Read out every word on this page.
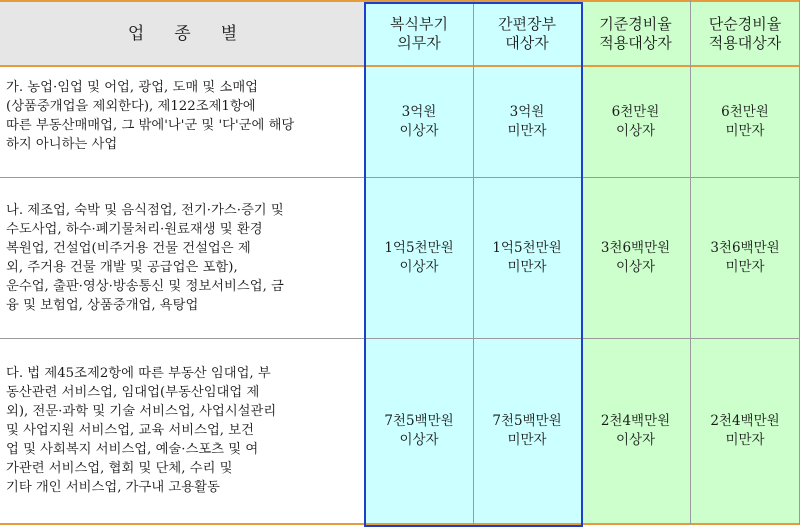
업종별	복식부기
의무자
간편장부
대상자
기준경비율
적용대상자
단순경비율
적용대상자
가. 농업·임업 및 어업, 광업, 도매 및 소매업
(상품중개업을 제외한다), 제122조제1항에
따른 부동산매매업, 그 밖에'나'군 및 '다'군에 해당
하지 아니하는 사업
3억원
이상자
3억원
미만자
6천만원
이상자
6천만원
미만자
나. 제조업, 숙박 및 음식점업, 전기·가스·증기 및
수도사업, 하수·폐기물처리·원료재생 및 환경
복원업, 건설업(비주거용 건물 건설업은 제
외, 주거용 건물 개발 및 공급업은 포함),
운수업, 출판·영상·방송통신 및 정보서비스업, 금
융 및 보험업, 상품중개업, 욕탕업
1억5천만원
이상자
1억5천만원
미만자
3천6백만원
이상자
3천6백만원
미만자
다. 법 제45조제2항에 따른 부동산 임대업, 부
동산관련 서비스업, 임대업(부동산임대업 제
외), 전문·과학 및 기술 서비스업, 사업시설관리
및 사업지원 서비스업, 교육 서비스업, 보건
업 및 사회복지 서비스업, 예술·스포츠 및 여
가관련 서비스업, 협회 및 단체, 수리 및
기타 개인 서비스업, 가구내 고용활동
7천5백만원
이상자
7천5백만원
미만자
2천4백만원
이상자
2천4백만원
미만자
